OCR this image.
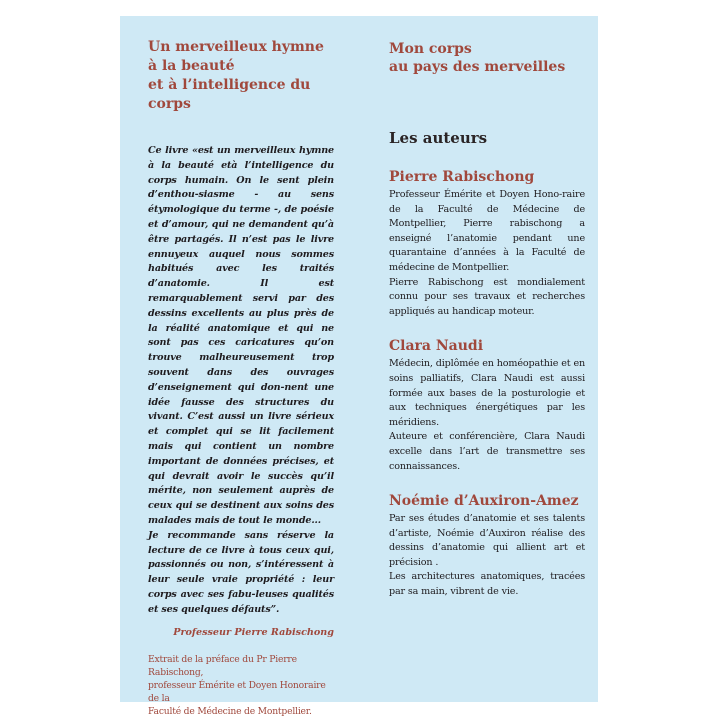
Un merveilleux hymne
à la beauté
et à l’intelligence du corps

Ce livre «est un merveilleux hymne à la beauté età l’intelligence du corps humain. On le sent plein d’enthou-siasme - au sens étymologique du terme -, de poésie et d’amour, qui ne demandent qu’à être partagés. Il n’est pas le livre ennuyeux auquel nous sommes habitués avec les traités d’anatomie. Il est remarquablement servi par des dessins excellents au plus près de la réalité anatomique et qui ne sont pas ces caricatures qu’on trouve malheureusement trop souvent dans des ouvrages d’enseignement qui don-nent une idée fausse des structures du vivant. C’est aussi un livre sérieux et complet qui se lit facilement mais qui contient un nombre important de données précises, et qui devrait avoir le succès qu’il mérite, non seulement auprès de ceux qui se destinent aux soins des malades mais de tout le monde...
Je recommande sans réserve la lecture de ce livre à tous ceux qui, passionnés ou non, s’intéressent à leur seule vraie propriété : leur corps avec ses fabu-leuses qualités et ses quelques défauts”.

Professeur Pierre Rabischong

Extrait de la préface du Pr Pierre Rabischong,
professeur Émérite et Doyen Honoraire de la
Faculté de Médecine de Montpellier.

Mon corps
au pays des merveilles
Les auteurs
Pierre Rabischong

Professeur Émérite et Doyen Hono-raire de la Faculté de Médecine de Montpellier, Pierre rabischong a enseigné l’anatomie pendant une quarantaine d’années à la Faculté de médecine de Montpellier.
Pierre Rabischong est mondialement connu pour ses travaux et recherches appliqués au handicap moteur.

Clara Naudi

Médecin, diplômée en homéopathie et en soins palliatifs, Clara Naudi est aussi formée aux bases de la posturologie et aux techniques énergétiques par les méridiens.
Auteure et conférencière, Clara Naudi excelle dans l’art de transmettre ses connaissances.

Noémie d’Auxiron-Amez

Par ses études d’anatomie et ses talents d’artiste, Noémie d’Auxiron réalise des dessins d’anatomie qui allient art et précision .
Les architectures anatomiques, tracées par sa main, vibrent de vie.
